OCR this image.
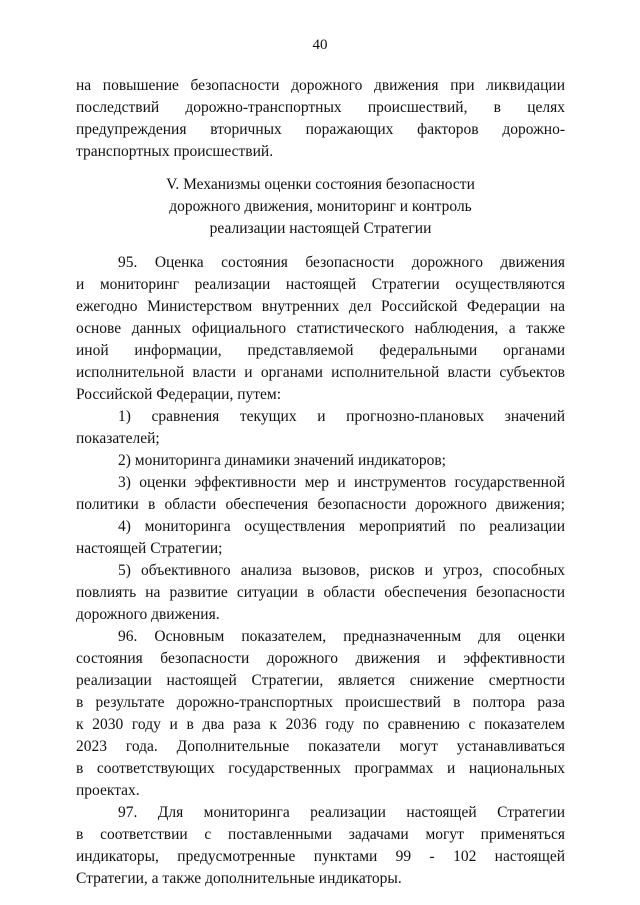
40
на повышение безопасности дорожного движения при ликвидации
последствий дорожно-транспортных происшествий, в целях
предупреждения вторичных поражающих факторов дорожно-
транспортных происшествий.
V. Механизмы оценки состояния безопасности
дорожного движения, мониторинг и контроль
реализации настоящей Стратегии
95. Оценка состояния безопасности дорожного движения
и мониторинг реализации настоящей Стратегии осуществляются
ежегодно Министерством внутренних дел Российской Федерации на
основе данных официального статистического наблюдения, а также
иной информации, представляемой федеральными органами
исполнительной власти и органами исполнительной власти субъектов
Российской Федерации, путем:
1) сравнения текущих и прогнозно-плановых значений
показателей;
2) мониторинга динамики значений индикаторов;
3) оценки эффективности мер и инструментов государственной
политики в области обеспечения безопасности дорожного движения;
4) мониторинга осуществления мероприятий по реализации
настоящей Стратегии;
5) объективного анализа вызовов, рисков и угроз, способных
повлиять на развитие ситуации в области обеспечения безопасности
дорожного движения.
96. Основным показателем, предназначенным для оценки
состояния безопасности дорожного движения и эффективности
реализации настоящей Стратегии, является снижение смертности
в результате дорожно-транспортных происшествий в полтора раза
к 2030 году и в два раза к 2036 году по сравнению с показателем
2023 года. Дополнительные показатели могут устанавливаться
в соответствующих государственных программах и национальных
проектах.
97. Для мониторинга реализации настоящей Стратегии
в соответствии с поставленными задачами могут применяться
индикаторы, предусмотренные пунктами 99 - 102 настоящей
Стратегии, а также дополнительные индикаторы.
